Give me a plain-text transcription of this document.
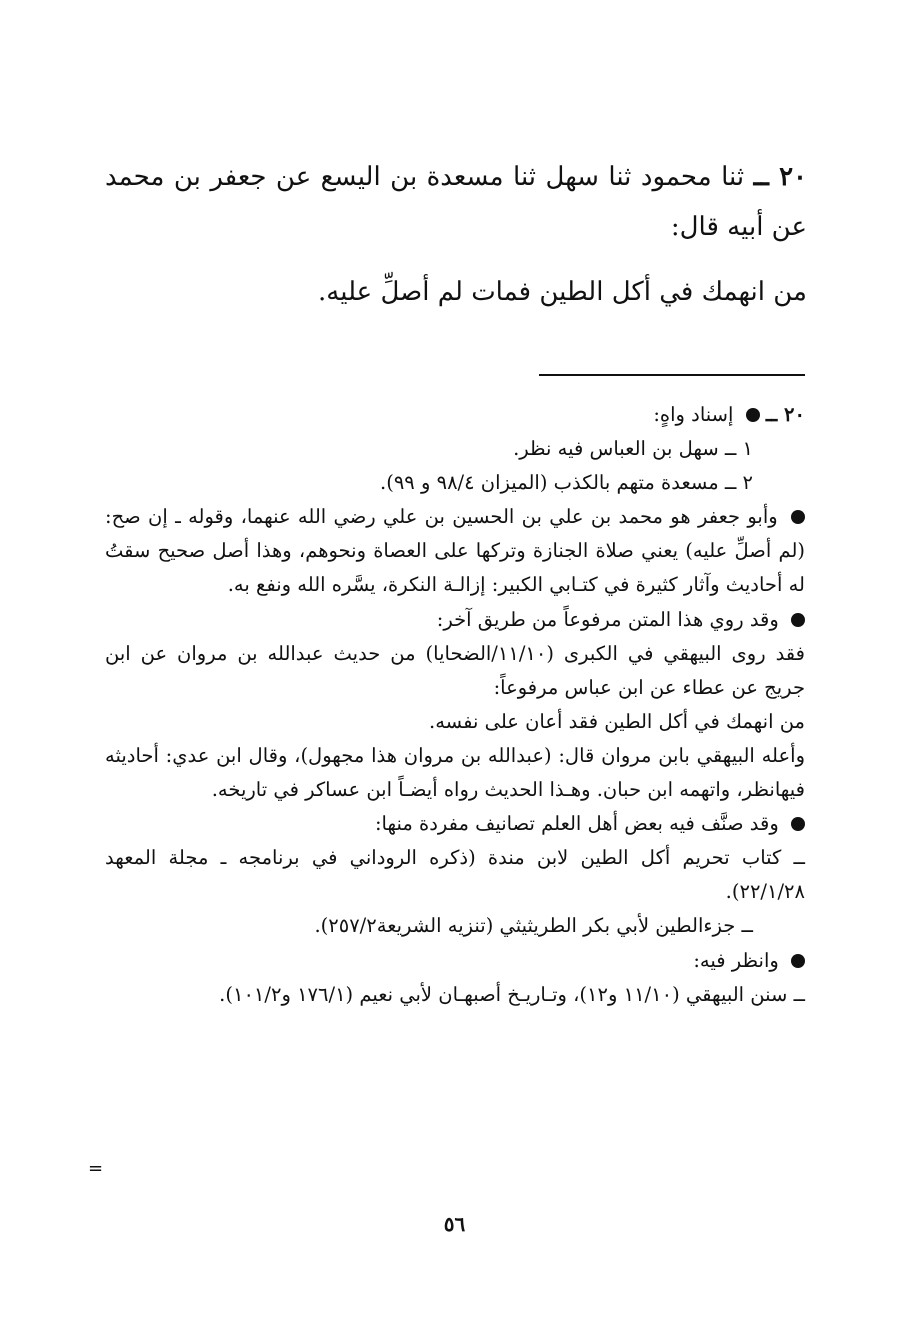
٢٠ ــ ثنا محمود ثنا سهل ثنا مسعدة بن اليسع عن جعفر بن محمد عن أبيه قال:
من انهمك في أكل الطين فمات لم أصلِّ عليه.

٢٠ ــ  إسناد واهٍ:

١ ــ سهل بن العباس فيه نظر.

٢ ــ مسعدة متهم بالكذب (الميزان ٩٨/٤ و ٩٩).

وأبو جعفر هو محمد بن علي بن الحسين بن علي رضي الله عنهما، وقوله ـ إن صح: (لم أصلِّ عليه) يعني صلاة الجنازة وتركها على العصاة ونحوهم، وهذا أصل صحيح سقتُ له أحاديث وآثار كثيرة في كتـابي الكبير: إزالـة النكرة، يسَّره الله ونفع به.

وقد روي هذا المتن مرفوعاً من طريق آخر:

فقد روى البيهقي في الكبرى (١١/١٠/الضحايا) من حديث عبدالله بن مروان عن ابن جريج عن عطاء عن ابن عباس مرفوعاً:

من انهمك في أكل الطين فقد أعان على نفسه.

وأعله البيهقي بابن مروان قال: (عبدالله بن مروان هذا مجهول)، وقال ابن عدي: أحاديثه فيهانظر، واتهمه ابن حبان. وهـذا الحديث رواه أيضـاً ابن عساكر في تاريخه.

وقد صنَّف فيه بعض أهل العلم تصانيف مفردة منها:

ــ كتاب تحريم أكل الطين لابن مندة (ذكره الروداني في برنامجه ـ مجلة المعهد ٢٢/١/٢٨).

ــ جزءالطين لأبي بكر الطريثيثي (تنزيه الشريعة٢٥٧/٢).

وانظر فيه:

ــ سنن البيهقي (١١/١٠ و١٢)، وتـاريـخ أصبهـان لأبي نعيم (١٧٦/١ و١٠١/٢).

=
٥٦
